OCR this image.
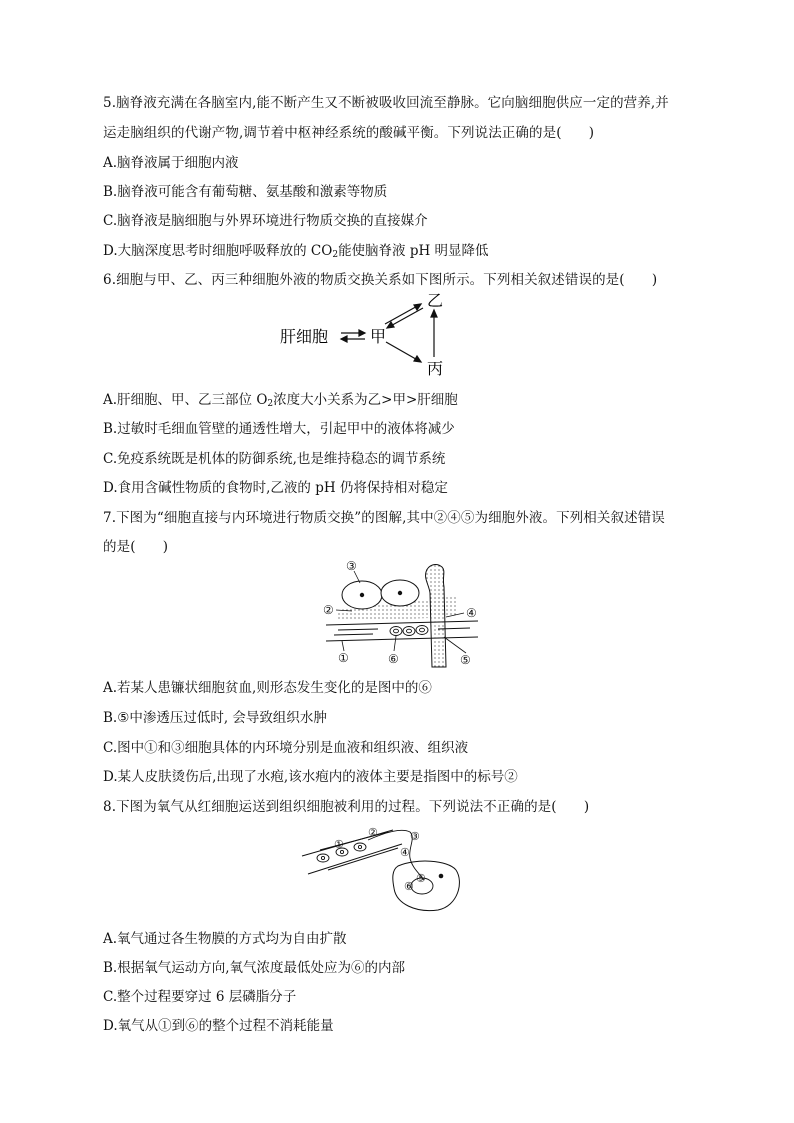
5.脑脊液充满在各脑室内,能不断产生又不断被吸收回流至静脉。它向脑细胞供应一定的营养,并
运走脑组织的代谢产物,调节着中枢神经系统的酸碱平衡。下列说法正确的是(　　)
A.脑脊液属于细胞内液
B.脑脊液可能含有葡萄糖、氨基酸和激素等物质
C.脑脊液是脑细胞与外界环境进行物质交换的直接媒介
D.大脑深度思考时细胞呼吸释放的 $CO_2$能使脑脊液 pH 明显降低
6.细胞与甲、乙、丙三种细胞外液的物质交换关系如下图所示。下列相关叙述错误的是(　　)
肝细胞	甲
乙
丙
A.肝细胞、甲、乙三部位 $O_2$浓度大小关系为乙>甲>肝细胞
B.过敏时毛细血管壁的通透性增大，引起甲中的液体将减少
C.免疫系统既是机体的防御系统,也是维持稳态的调节系统
D.食用含碱性物质的食物时,乙液的 pH 仍将保持相对稳定
7.下图为“细胞直接与内环境进行物质交换”的图解,其中②④⑤为细胞外液。下列相关叙述错误
的是(　　)
③
②	④
①	⑥	⑤
A.若某人患镰状细胞贫血,则形态发生变化的是图中的⑥
B.⑤中渗透压过低时, 会导致组织水肿
C.图中①和③细胞具体的内环境分别是血液和组织液、组织液
D.某人皮肤烫伤后,出现了水疱,该水疱内的液体主要是指图中的标号②
8.下图为氧气从红细胞运送到组织细胞被利用的过程。下列说法不正确的是(　　)
①
②	③
④
⑤
⑥
A.氧气通过各生物膜的方式均为自由扩散
B.根据氧气运动方向,氧气浓度最低处应为⑥的内部
C.整个过程要穿过 6 层磷脂分子
D.氧气从①到⑥的整个过程不消耗能量
